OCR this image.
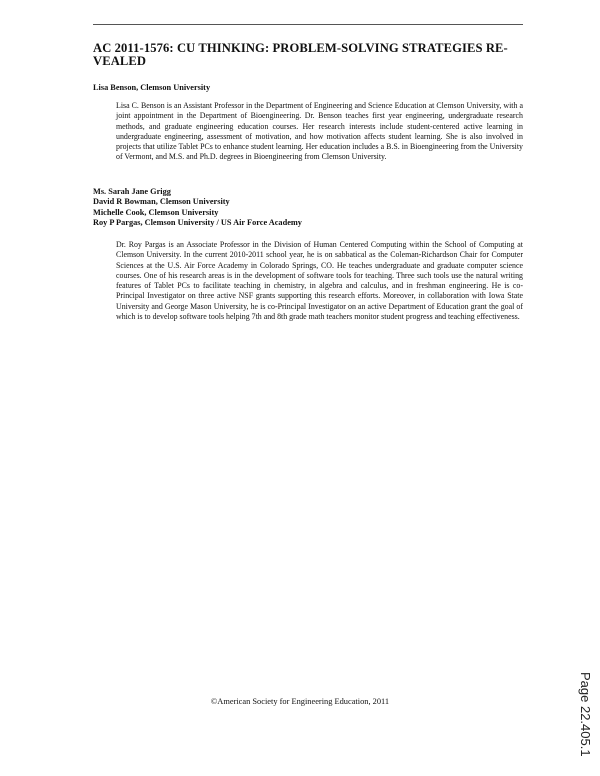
AC 2011-1576: CU THINKING: PROBLEM-SOLVING STRATEGIES RE-VEALED

Lisa Benson, Clemson University

Lisa C. Benson is an Assistant Professor in the Department of Engineering and Science Education at Clemson University, with a joint appointment in the Department of Bioengineering. Dr. Benson teaches first year engineering, undergraduate research methods, and graduate engineering education courses. Her research interests include student-centered active learning in undergraduate engineering, assessment of motivation, and how motivation affects student learning. She is also involved in projects that utilize Tablet PCs to enhance student learning. Her education includes a B.S. in Bioengineering from the University of Vermont, and M.S. and Ph.D. degrees in Bioengineering from Clemson University.

Ms. Sarah Jane Grigg
David R Bowman, Clemson University
Michelle Cook, Clemson University
Roy P Pargas, Clemson University / US Air Force Academy

Dr. Roy Pargas is an Associate Professor in the Division of Human Centered Computing within the School of Computing at Clemson University. In the current 2010-2011 school year, he is on sabbatical as the Coleman-Richardson Chair for Computer Sciences at the U.S. Air Force Academy in Colorado Springs, CO. He teaches undergraduate and graduate computer science courses. One of his research areas is in the development of software tools for teaching. Three such tools use the natural writing features of Tablet PCs to facilitate teaching in chemistry, in algebra and calculus, and in freshman engineering. He is co-Principal Investigator on three active NSF grants supporting this research efforts. Moreover, in collaboration with Iowa State University and George Mason University, he is co-Principal Investigator on an active Department of Education grant the goal of which is to develop software tools helping 7th and 8th grade math teachers monitor student progress and teaching effectiveness.

©American Society for Engineering Education, 2011	Page 22.405.1
